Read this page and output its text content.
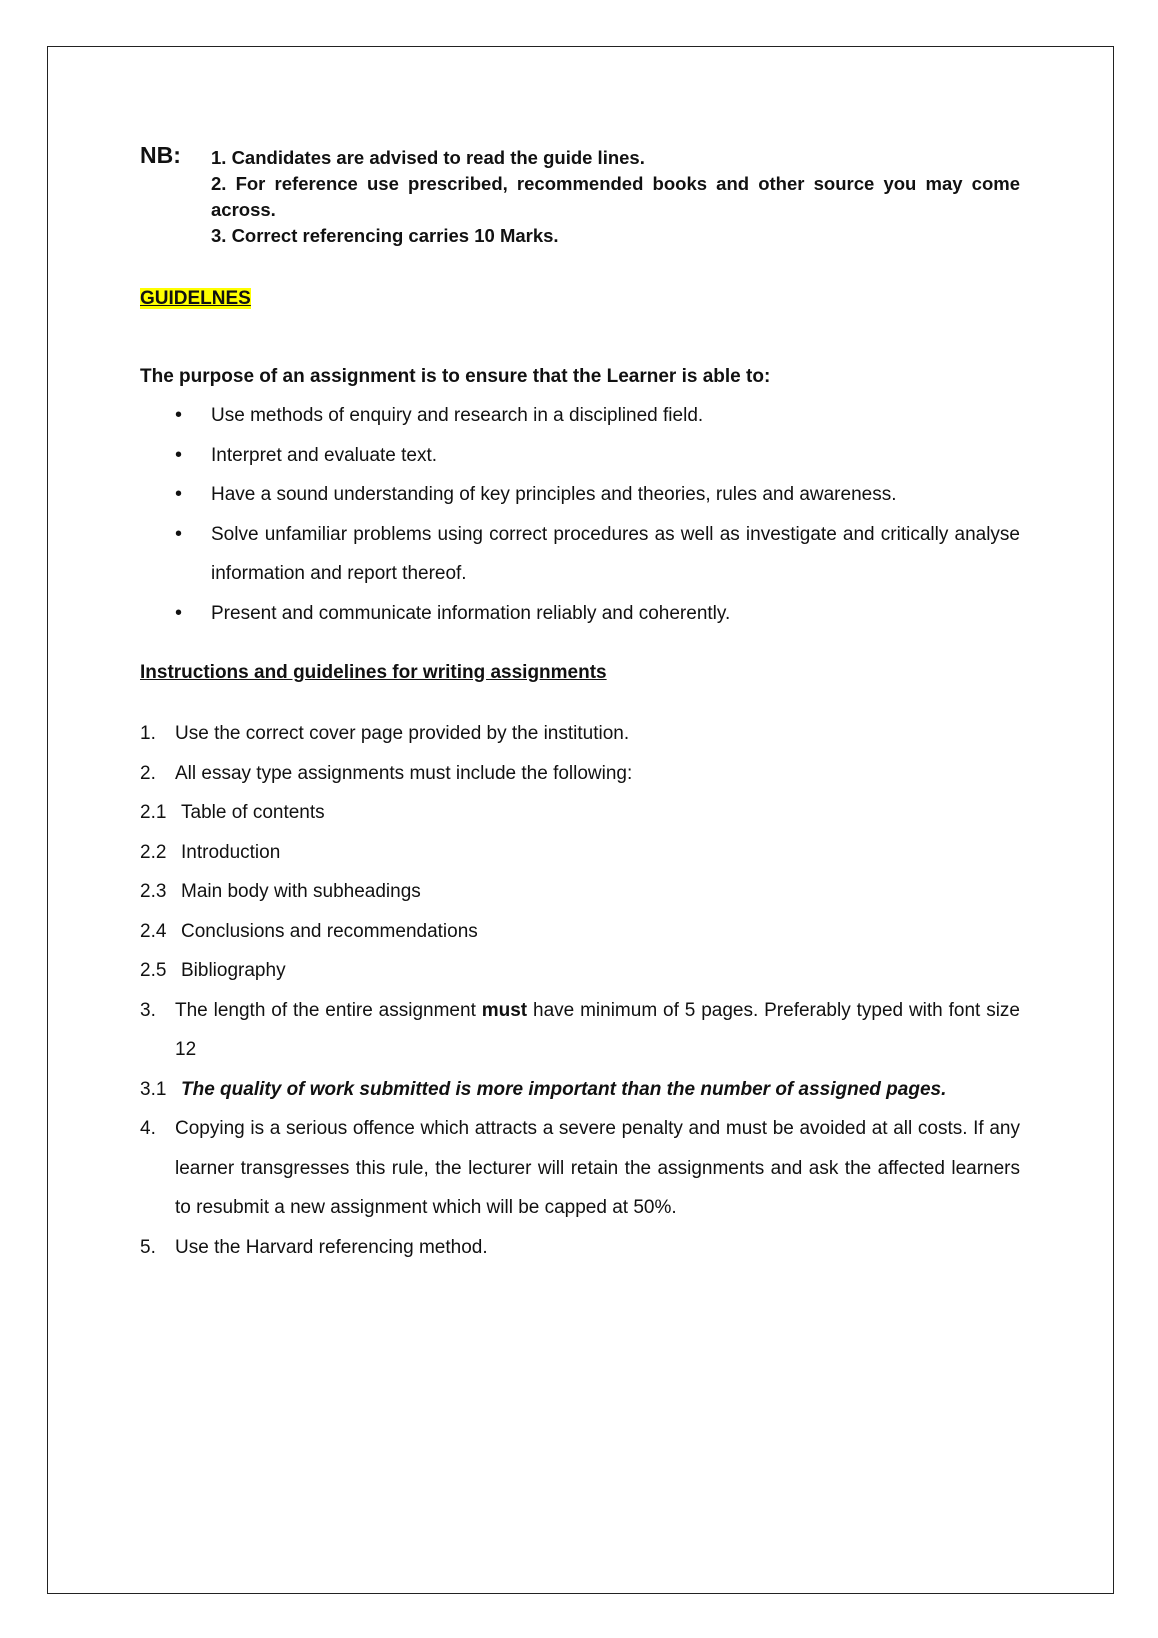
NB:	1. Candidates are advised to read the guide lines.
2. For reference use prescribed, recommended books and other source you may come
across.
3. Correct referencing carries 10 Marks.
GUIDELNES
The purpose of an assignment is to ensure that the Learner is able to:
• Use methods of enquiry and research in a disciplined field.
• Interpret and evaluate text.
• Have a sound understanding of key principles and theories, rules and awareness.
• Solve unfamiliar problems using correct procedures as well as investigate and critically analyse information and report thereof.
• Present and communicate information reliably and coherently.
Instructions and guidelines for writing assignments
1. Use the correct cover page provided by the institution.
2. All essay type assignments must include the following:
2.1 Table of contents
2.2 Introduction
2.3 Main body with subheadings
2.4 Conclusions and recommendations
2.5 Bibliography
3. The length of the entire assignment must have minimum of 5 pages. Preferably typed with font size 12
3.1 The quality of work submitted is more important than the number of assigned pages.
4. Copying is a serious offence which attracts a severe penalty and must be avoided at all costs. If any learner transgresses this rule, the lecturer will retain the assignments and ask the affected learners to resubmit a new assignment which will be capped at 50%.
5. Use the Harvard referencing method.
